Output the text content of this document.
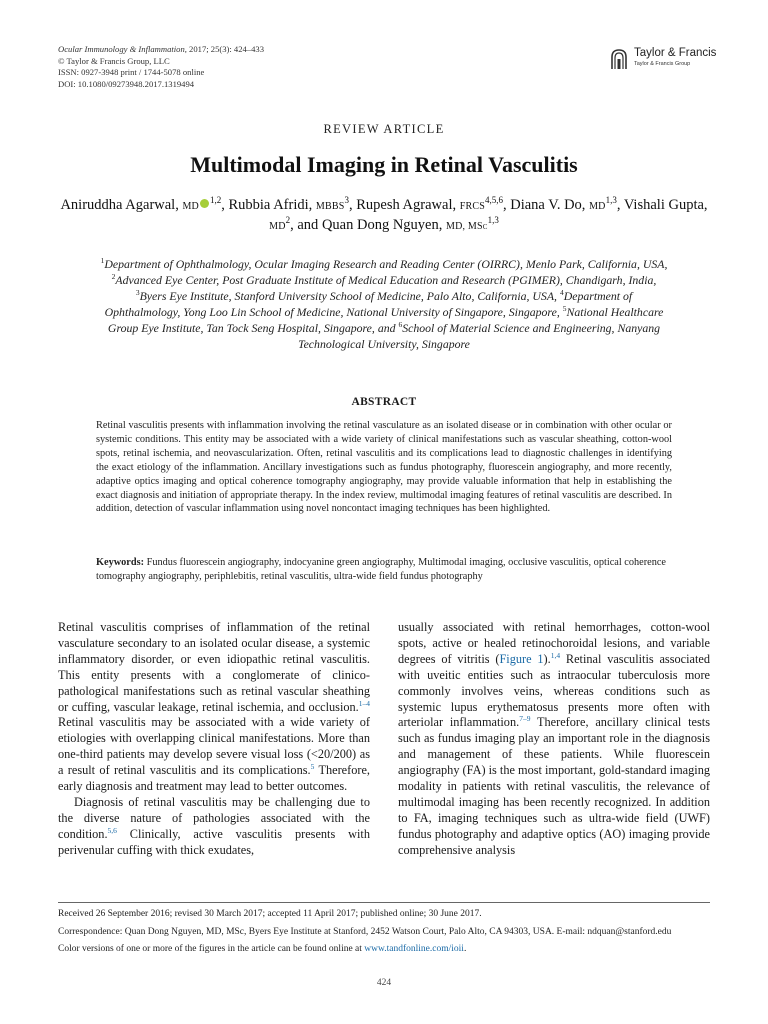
Ocular Immunology & Inflammation, 2017; 25(3): 424–433
© Taylor & Francis Group, LLC
ISSN: 0927-3948 print / 1744-5078 online
DOI: 10.1080/09273948.2017.1319494
Taylor & Francis
Taylor & Francis Group
REVIEW ARTICLE
Multimodal Imaging in Retinal Vasculitis
Aniruddha Agarwal, MD$^{1,2}$, Rubbia Afridi, MBBS$^3$, Rupesh Agrawal, FRCS$^{4,5,6}$, Diana V. Do, MD$^{1,3}$, Vishali Gupta, $MD^2$, and Quan Dong Nguyen, MD, MSc$^{1,3}$
$^1$Department of Ophthalmology, Ocular Imaging Research and Reading Center (OIRRC), Menlo Park, California, USA, $^2$Advanced Eye Center, Post Graduate Institute of Medical Education and Research (PGIMER), Chandigarh, India, $^3$Byers Eye Institute, Stanford University School of Medicine, Palo Alto, California, USA, $^4$Department of Ophthalmology, Yong Loo Lin School of Medicine, National University of Singapore, Singapore, $^5$National Healthcare Group Eye Institute, Tan Tock Seng Hospital, Singapore, and $^6$School of Material Science and Engineering, Nanyang Technological University, Singapore
ABSTRACT
Retinal vasculitis presents with inflammation involving the retinal vasculature as an isolated disease or in combination with other ocular or systemic conditions. This entity may be associated with a wide variety of clinical manifestations such as vascular sheathing, cotton-wool spots, retinal ischemia, and neovascularization. Often, retinal vasculitis and its complications lead to diagnostic challenges in identifying the exact etiology of the inflammation. Ancillary investigations such as fundus photography, fluorescein angiography, and more recently, adaptive optics imaging and optical coherence tomography angiography, may provide valuable information that help in establishing the exact diagnosis and initiation of appropriate therapy. In the index review, multimodal imaging features of retinal vasculitis are described. In addition, detection of vascular inflammation using novel noncontact imaging techniques has been highlighted.
Keywords: Fundus fluorescein angiography, indocyanine green angiography, Multimodal imaging, occlusive vasculitis, optical coherence tomography angiography, periphlebitis, retinal vasculitis, ultra-wide field fundus photography

Retinal vasculitis comprises of inflammation of the retinal vasculature secondary to an isolated ocular disease, a systemic inflammatory disorder, or even idiopathic retinal vasculitis. This entity presents with a conglomerate of clinico-pathological manifestations such as retinal vascular sheathing or cuffing, vascular leakage, retinal ischemia, and occlusion.$^{1-4}$ Retinal vasculitis may be associated with a wide variety of etiologies with overlapping clinical manifestations. More than one-third patients may develop severe visual loss (<20/200) as a result of retinal vasculitis and its complications.$^5$ Therefore, early diagnosis and treatment may lead to better outcomes.

Diagnosis of retinal vasculitis may be challenging due to the diverse nature of pathologies associated with the condition.$^{5,6}$ Clinically, active vasculitis presents with perivenular cuffing with thick exudates,

usually associated with retinal hemorrhages, cotton-wool spots, active or healed retinochoroidal lesions, and variable degrees of vitritis (Figure 1).$^{1,4}$ Retinal vasculitis associated with uveitic entities such as intraocular tuberculosis more commonly involves veins, whereas conditions such as systemic lupus erythematosus presents more often with arteriolar inflammation.$^{7-9}$ Therefore, ancillary clinical tests such as fundus imaging play an important role in the diagnosis and management of these patients. While fluorescein angiography (FA) is the most important, gold-standard imaging modality in patients with retinal vasculitis, the relevance of multimodal imaging has been recently recognized. In addition to FA, imaging techniques such as ultra-wide field (UWF) fundus photography and adaptive optics (AO) imaging provide comprehensive analysis

Received 26 September 2016; revised 30 March 2017; accepted 11 April 2017; published online; 30 June 2017.

Correspondence: Quan Dong Nguyen, MD, MSc, Byers Eye Institute at Stanford, 2452 Watson Court, Palo Alto, CA 94303, USA. E-mail: ndquan@stanford.edu

Color versions of one or more of the figures in the article can be found online at www.tandfonline.com/ioii.

424
